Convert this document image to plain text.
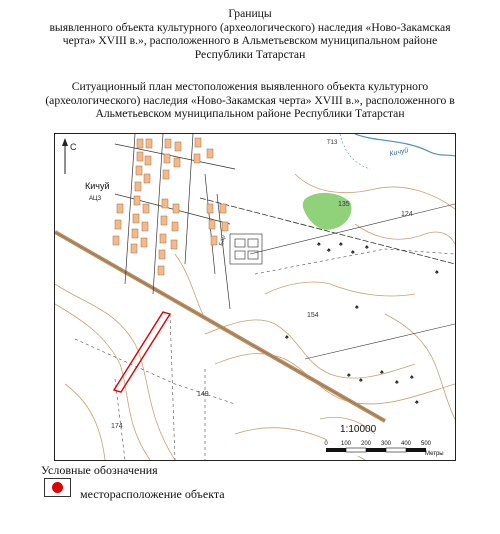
Границы
выявленного объекта культурного (археологического) наследия «Ново-Закамская
черта» XVIII в.», расположенного в Альметьевском муниципальном районе
Республики Татарстан
Ситуационный план местоположения выявленного объекта культурного
(археологического) наследия «Ново-Закамская черта» XVIII в.», расположенного в
Альметьевском муниципальном районе Республики Татарстан
♠
♠
♠
♠
♠
♠
♠
♠
♠
♠
♠
♠
♠
♠
С
Кичуй
АЦЗ
Кичуй
Бар
135
124
154
149
174
T13
1:10000
0 100 200 300 400 500
Метры
Условные обозначения
месторасположение объекта
